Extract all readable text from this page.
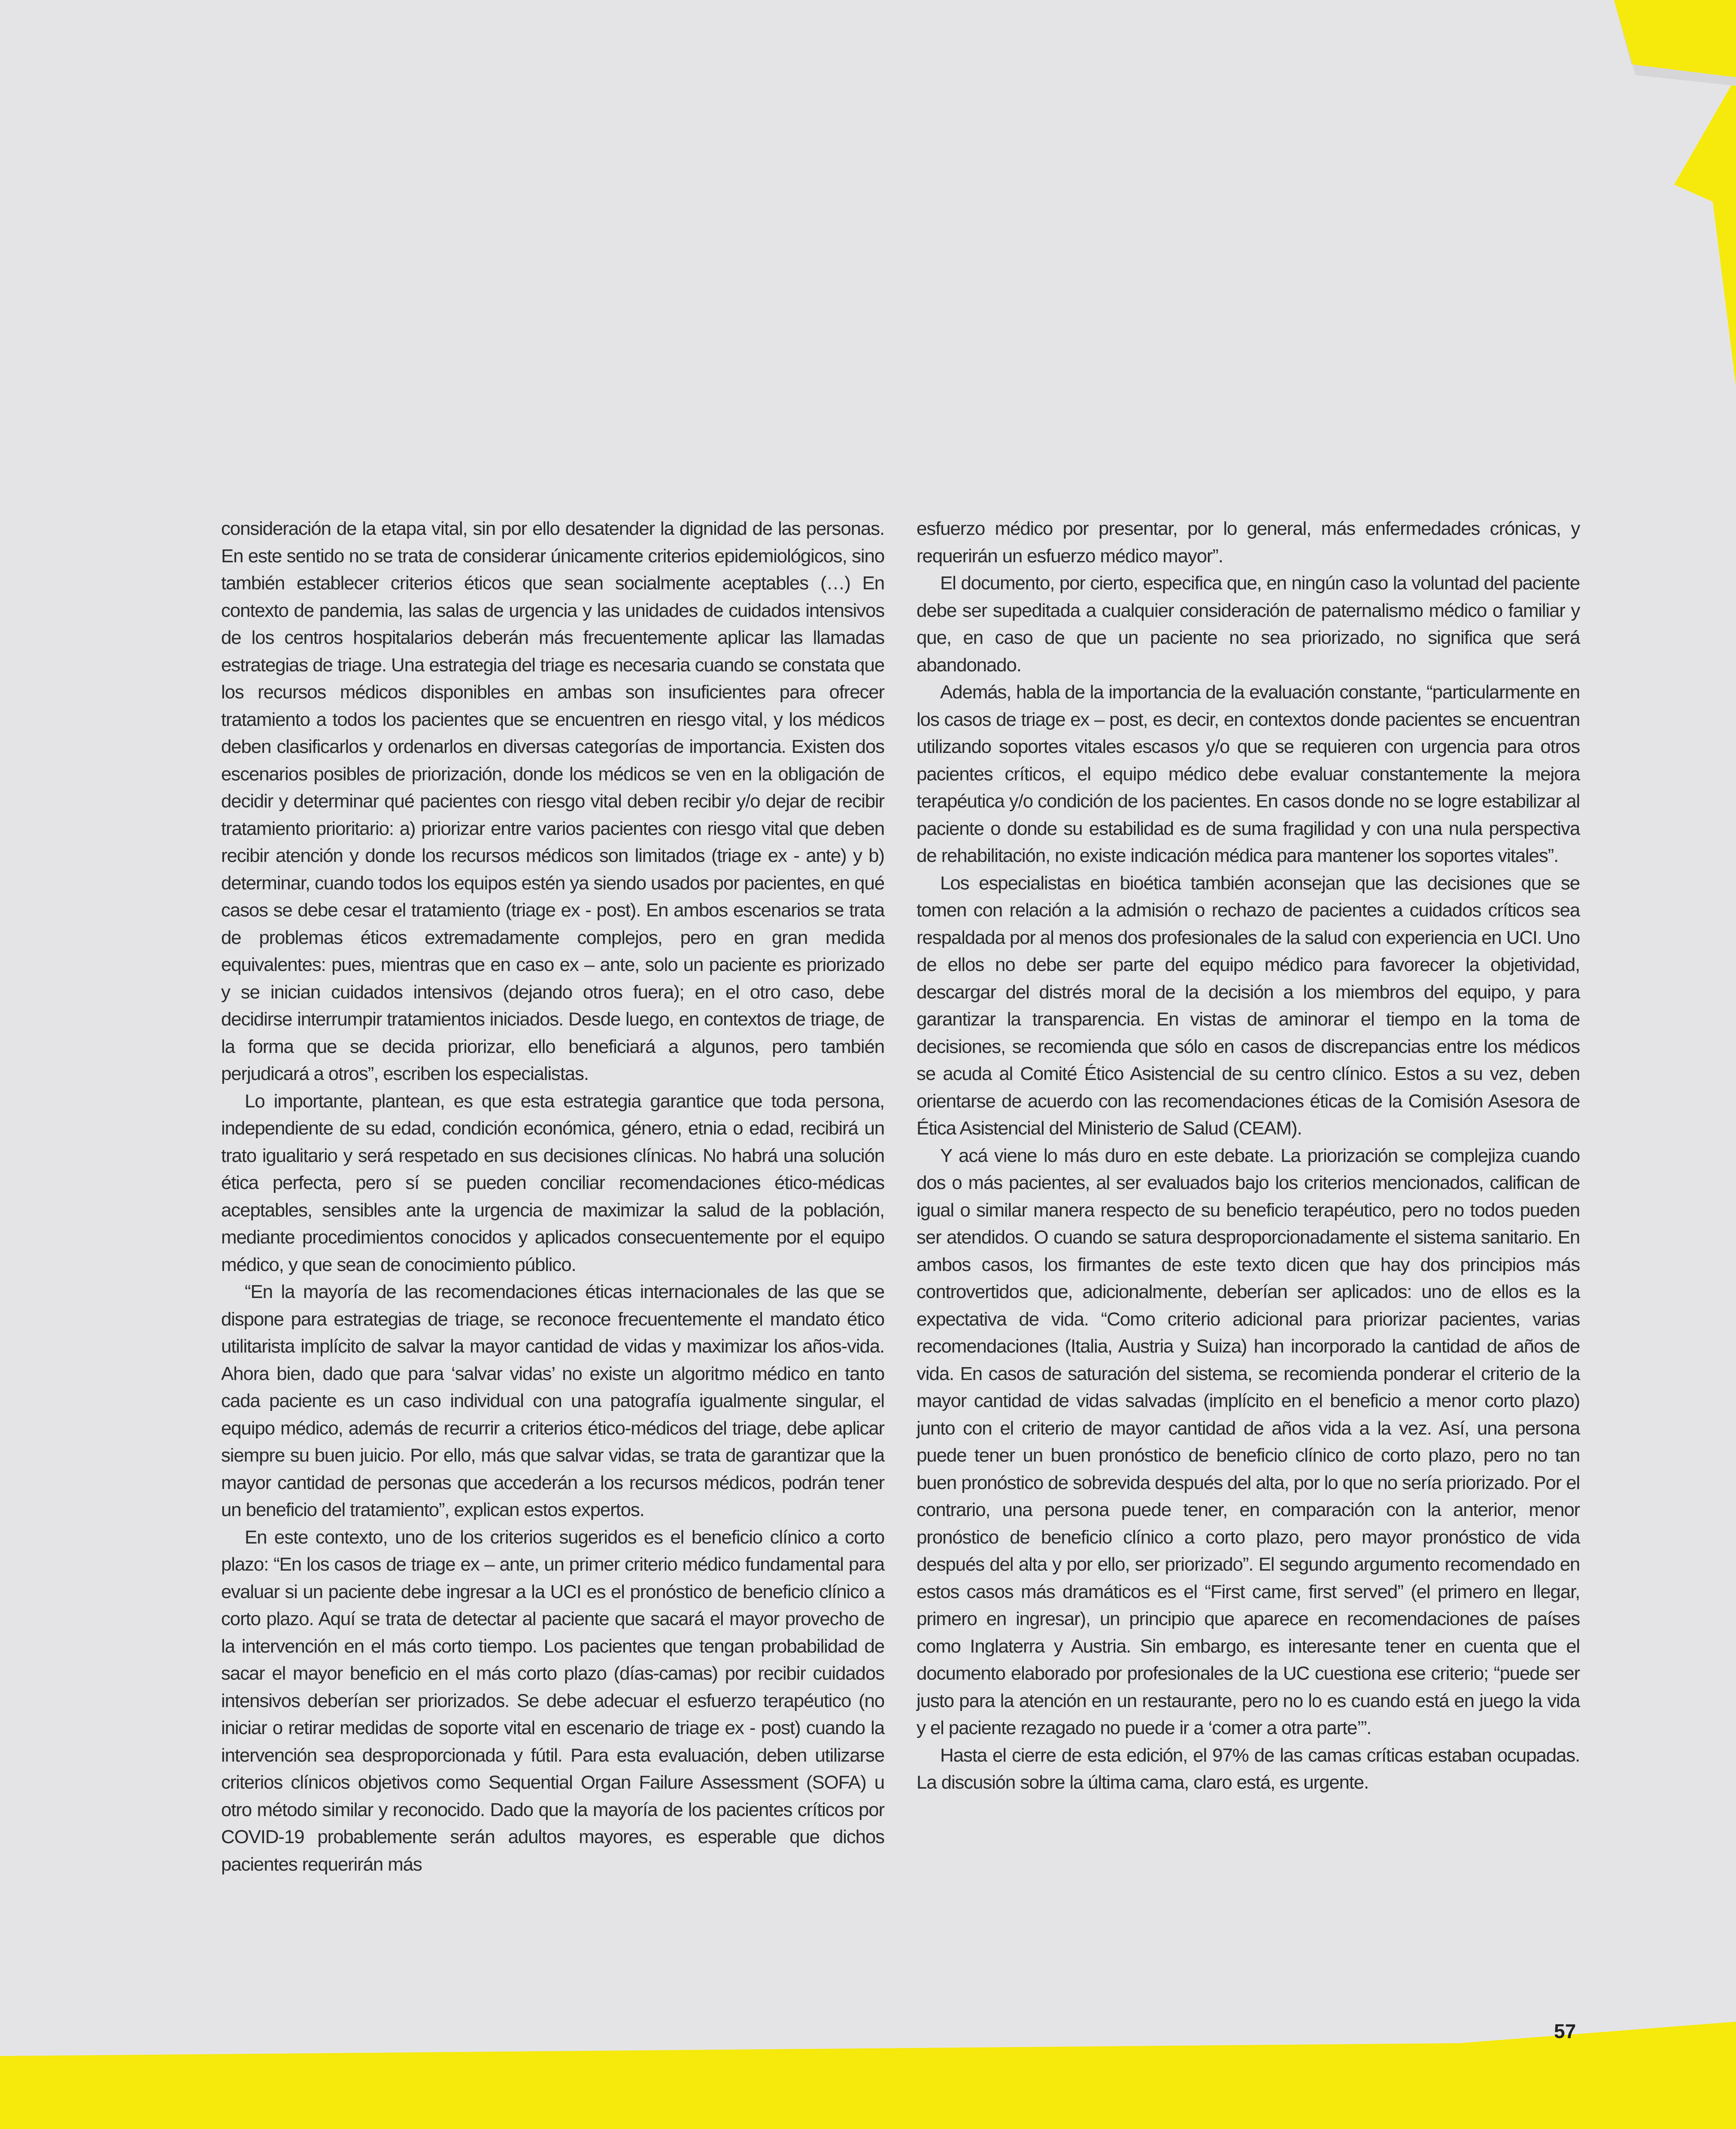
consideración de la etapa vital, sin por ello desatender la dignidad de las personas. En este sentido no se trata de considerar únicamente criterios epidemiológicos, sino también establecer criterios éticos que sean socialmente aceptables (…) En contexto de pandemia, las salas de urgencia y las unidades de cuidados intensivos de los centros hospitalarios deberán más frecuentemente aplicar las llamadas estrategias de triage. Una estrategia del triage es necesaria cuando se constata que los recursos médicos disponibles en ambas son insuficientes para ofrecer tratamiento a todos los pacientes que se encuentren en riesgo vital, y los médicos deben clasificarlos y ordenarlos en diversas categorías de importancia. Existen dos escenarios posibles de priorización, donde los médicos se ven en la obligación de decidir y determinar qué pacientes con riesgo vital deben recibir y/o dejar de recibir tratamiento prioritario: a) priorizar entre varios pacientes con riesgo vital que deben recibir atención y donde los recursos médicos son limitados (triage ex - ante) y b) determinar, cuando todos los equipos estén ya siendo usados por pacientes, en qué casos se debe cesar el tratamiento (triage ex - post). En ambos escenarios se trata de problemas éticos extremadamente complejos, pero en gran medida equivalentes: pues, mientras que en caso ex – ante, solo un paciente es priorizado y se inician cuidados intensivos (dejando otros fuera); en el otro caso, debe decidirse interrumpir tratamientos iniciados. Desde luego, en contextos de triage, de la forma que se decida priorizar, ello beneficiará a algunos, pero también perjudicará a otros”, escriben los especialistas.

Lo importante, plantean, es que esta estrategia garantice que toda persona, independiente de su edad, condición económica, género, etnia o edad, recibirá un trato igualitario y será respetado en sus decisiones clínicas. No habrá una solución ética perfecta, pero sí se pueden conciliar recomendaciones ético-médicas aceptables, sensibles ante la urgencia de maximizar la salud de la población, mediante procedimientos conocidos y aplicados consecuentemente por el equipo médico, y que sean de conocimiento público.

“En la mayoría de las recomendaciones éticas internacionales de las que se dispone para estrategias de triage, se reconoce frecuentemente el mandato ético utilitarista implícito de salvar la mayor cantidad de vidas y maximizar los años-vida. Ahora bien, dado que para ‘salvar vidas’ no existe un algoritmo médico en tanto cada paciente es un caso individual con una patografía igualmente singular, el equipo médico, además de recurrir a criterios ético-médicos del triage, debe aplicar siempre su buen juicio. Por ello, más que salvar vidas, se trata de garantizar que la mayor cantidad de personas que accederán a los recursos médicos, podrán tener un beneficio del tratamiento”, explican estos expertos.

En este contexto, uno de los criterios sugeridos es el beneficio clínico a corto plazo: “En los casos de triage ex – ante, un primer criterio médico fundamental para evaluar si un paciente debe ingresar a la UCI es el pronóstico de beneficio clínico a corto plazo. Aquí se trata de detectar al paciente que sacará el mayor provecho de la intervención en el más corto tiempo. Los pacientes que tengan probabilidad de sacar el mayor beneficio en el más corto plazo (días-camas) por recibir cuidados intensivos deberían ser priorizados. Se debe adecuar el esfuerzo terapéutico (no iniciar o retirar medidas de soporte vital en escenario de triage ex - post) cuando la intervención sea desproporcionada y fútil. Para esta evaluación, deben utilizarse criterios clínicos objetivos como Sequential Organ Failure Assessment (SOFA) u otro método similar y reconocido. Dado que la mayoría de los pacientes críticos por COVID-19 probablemente serán adultos mayores, es esperable que dichos pacientes requerirán más

esfuerzo médico por presentar, por lo general, más enfermedades crónicas, y requerirán un esfuerzo médico mayor”.

El documento, por cierto, especifica que, en ningún caso la voluntad del paciente debe ser supeditada a cualquier consideración de paternalismo médico o familiar y que, en caso de que un paciente no sea priorizado, no significa que será abandonado.

Además, habla de la importancia de la evaluación constante, “particularmente en los casos de triage ex – post, es decir, en contextos donde pacientes se encuentran utilizando soportes vitales escasos y/o que se requieren con urgencia para otros pacientes críticos, el equipo médico debe evaluar constantemente la mejora terapéutica y/o condición de los pacientes. En casos donde no se logre estabilizar al paciente o donde su estabilidad es de suma fragilidad y con una nula perspectiva de rehabilitación, no existe indicación médica para mantener los soportes vitales”.

Los especialistas en bioética también aconsejan que las decisiones que se tomen con relación a la admisión o rechazo de pacientes a cuidados críticos sea respaldada por al menos dos profesionales de la salud con experiencia en UCI. Uno de ellos no debe ser parte del equipo médico para favorecer la objetividad, descargar del distrés moral de la decisión a los miembros del equipo, y para garantizar la transparencia. En vistas de aminorar el tiempo en la toma de decisiones, se recomienda que sólo en casos de discrepancias entre los médicos se acuda al Comité Ético Asistencial de su centro clínico. Estos a su vez, deben orientarse de acuerdo con las recomendaciones éticas de la Comisión Asesora de Ética Asistencial del Ministerio de Salud (CEAM).

Y acá viene lo más duro en este debate. La priorización se complejiza cuando dos o más pacientes, al ser evaluados bajo los criterios mencionados, califican de igual o similar manera respecto de su beneficio terapéutico, pero no todos pueden ser atendidos. O cuando se satura desproporcionadamente el sistema sanitario. En ambos casos, los firmantes de este texto dicen que hay dos principios más controvertidos que, adicionalmente, deberían ser aplicados: uno de ellos es la expectativa de vida. “Como criterio adicional para priorizar pacientes, varias recomendaciones (Italia, Austria y Suiza) han incorporado la cantidad de años de vida. En casos de saturación del sistema, se recomienda ponderar el criterio de la mayor cantidad de vidas salvadas (implícito en el beneficio a menor corto plazo) junto con el criterio de mayor cantidad de años vida a la vez. Así, una persona puede tener un buen pronóstico de beneficio clínico de corto plazo, pero no tan buen pronóstico de sobrevida después del alta, por lo que no sería priorizado. Por el contrario, una persona puede tener, en comparación con la anterior, menor pronóstico de beneficio clínico a corto plazo, pero mayor pronóstico de vida después del alta y por ello, ser priorizado”. El segundo argumento recomendado en estos casos más dramáticos es el “First came, first served” (el primero en llegar, primero en ingresar), un principio que aparece en recomendaciones de países como Inglaterra y Austria. Sin embargo, es interesante tener en cuenta que el documento elaborado por profesionales de la UC cuestiona ese criterio; “puede ser justo para la atención en un restaurante, pero no lo es cuando está en juego la vida y el paciente rezagado no puede ir a ‘comer a otra parte’”.

Hasta el cierre de esta edición, el 97% de las camas críticas estaban ocupadas. La discusión sobre la última cama, claro está, es urgente.

57
